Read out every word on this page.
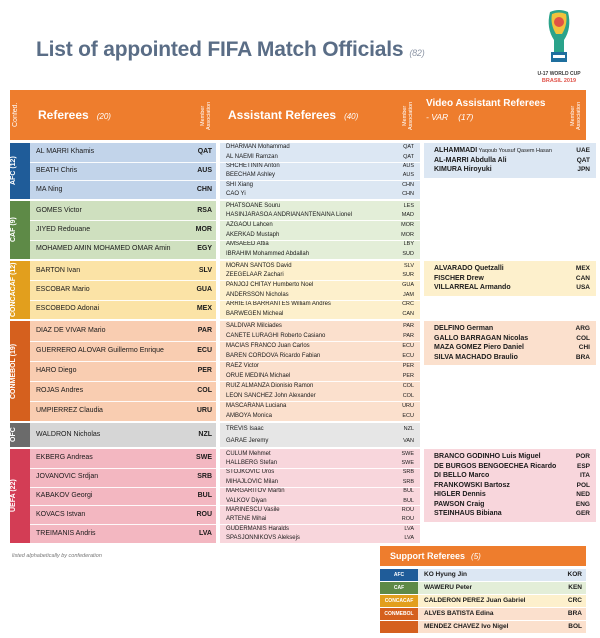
List of appointed FIFA Match Officials (82)
U-17 WORLD CUP
BRASIL 2019
Confed.	Referees (20)	Member Association Assistant Referees (40)	Member Association Video Assistant Referees
- VAR (17)	Member Association
AFC (12)
AL MARRI Khamis	QAT
BEATH Chris	AUS
MA Ning	CHN
DHARMAN Mohammad	QAT
AL NAEMI Ramzan	QAT
SHCHETININ Anton	AUS
BEECHAM Ashley	AUS
SHI Xiang	CHN
CAO Yi	CHN
ALHAMMADI Yaqoub Yousuf Qasem Hasan	UAE
AL-MARRI Abdulla Ali	QAT
KIMURA Hiroyuki	JPN
CAF (9)
GOMES Victor	RSA
JIYED Redouane	MOR
MOHAMED AMIN MOHAMED OMAR Amin	EGY
PHATSOANE Souru	LES
HASINJARASOA ANDRIANANTENAINA Lionel	MAD
AZGAOU Lahcen	MOR
AKERKAD Mustaph	MOR
AMSAEED Attia	LBY
IBRAHIM Mohammed Abdallah	SUD
CONCACAF (12)	BARTON Ivan	SLV
ESCOBAR Mario	GUA
ESCOBEDO Adonai	MEX
MORAN SANTOS David	SLV
ZEEGELAAR Zachari	SUR
PANJOJ CHITAY Humberto Noel	GUA
ANDERSSON Nicholas	JAM
ARRIETA BARRANTES William Andres	CRC
BARWEGEN Micheal	CAN
ALVARADO Quetzalli	MEX
FISCHER Drew	CAN
VILLARREAL Armando	USA
CONMEBOL (19)
DIAZ DE VIVAR Mario	PAR
GUERRERO ALOVAR Guillermo Enrique	ECU
HARO Diego	PER
ROJAS Andres	COL
UMPIERREZ Claudia	URU
SALDIVAR Milciades	PAR
CANETE LURAGHI Roberto Casiano	PAR
MACIAS FRANCO Juan Carlos	ECU
BAREN CORDOVA Ricardo Fabian	ECU
RAEZ Victor	PER
ORUE MEDINA Michael	PER
RUIZ ALMANZA Dionisio Ramon	COL
LEON SANCHEZ John Alexander	COL
MASCARANA Luciana	URU
AMBOYA Monica	ECU
DELFINO German	ARG
GALLO BARRAGAN Nicolas	COL
MAZA GOMEZ Piero Daniel	CHI
SILVA MACHADO Braulio	BRA
OFC	WALDRON Nicholas	NZL
TREVIS Isaac	NZL
GARAE Jeremy	VAN
UEFA (22)
EKBERG Andreas	SWE
JOVANOVIC Srdjan	SRB
KABAKOV Georgi	BUL
KOVACS Istvan	ROU
TREIMANIS Andris	LVA
CULUM Mehmet	SWE
HALLBERG Stefan	SWE
STOJKOVIC Uros	SRB
MIHAJLOVIC Milan	SRB
MARGARITOV Martin	BUL
VALKOV Diyan	BUL
MARINESCU Vasile	ROU
ARTENE Mihai	ROU
GUDERMANIS Haralds	LVA
SPASJONNIKOVS Aleksejs	LVA
BRANCO GODINHO Luis Miguel	POR
DE BURGOS BENGOECHEA Ricardo	ESP
DI BELLO Marco	ITA
FRANKOWSKI Bartosz	POL
HIGLER Dennis	NED
PAWSON Craig	ENG
STEINHAUS Bibiana	GER
listed alphabetically by confederation	Support Referees (5)
AFC	KO Hyung Jin	KOR
CAF	WAWERU Peter	KEN
CONCACAF	CALDERON PEREZ Juan Gabriel	CRC
CONMEBOL	ALVES BATISTA Edina	BRA
MENDEZ CHAVEZ Ivo Nigel	BOL
